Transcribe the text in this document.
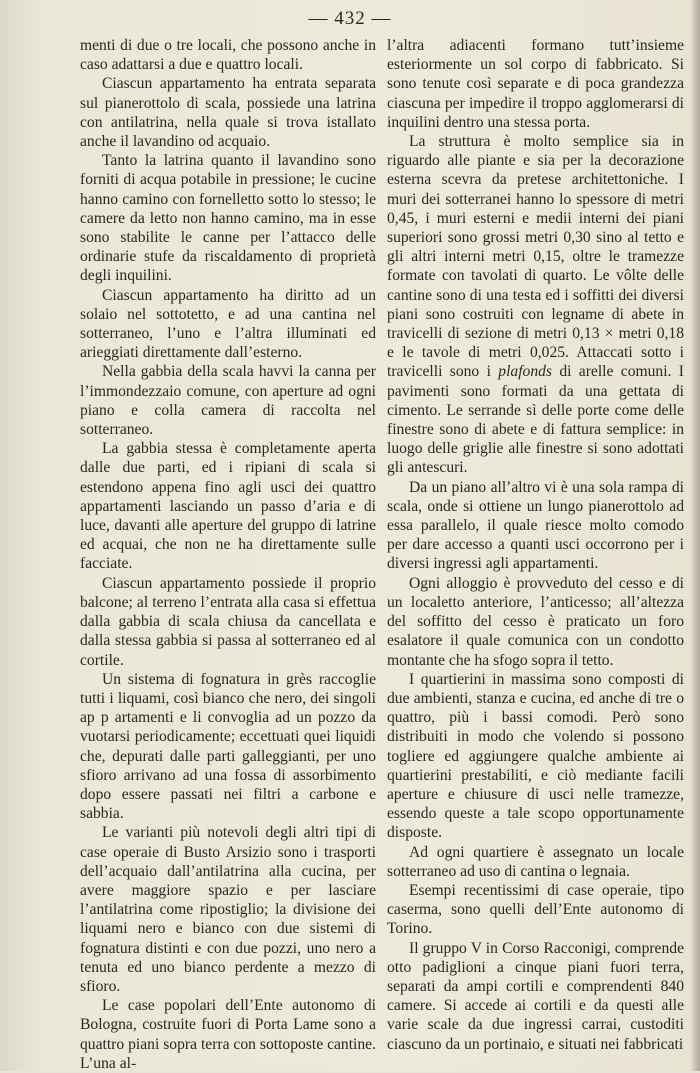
— 432 —

menti di due o tre locali, che possono anche in caso adattarsi a due e quattro locali.

Ciascun appartamento ha entrata separata sul pianerottolo di scala, possiede una latrina con antilatrina, nella quale si trova istallato anche il lavandino od acquaio.

Tanto la latrina quanto il lavandino sono forniti di acqua potabile in pressione; le cucine hanno camino con fornelletto sotto lo stesso; le camere da letto non hanno camino, ma in esse sono stabilite le canne per l’attacco delle ordinarie stufe da riscaldamento di proprietà degli inquilini.

Ciascun appartamento ha diritto ad un solaio nel sottotetto, e ad una cantina nel sotterraneo, l’uno e l’altra illuminati ed arieggiati direttamente dall’esterno.

Nella gabbia della scala havvi la canna per l’immondezzaio comune, con aperture ad ogni piano e colla camera di raccolta nel sotterraneo.

La gabbia stessa è completamente aperta dalle due parti, ed i ripiani di scala si estendono appena fino agli usci dei quattro appartamenti lasciando un passo d’aria e di luce, davanti alle aperture del gruppo di latrine ed acquai, che non ne ha direttamente sulle facciate.

Ciascun appartamento possiede il proprio balcone; al terreno l’entrata alla casa si effettua dalla gabbia di scala chiusa da cancellata e dalla stessa gabbia si passa al sotterraneo ed al cortile.

Un sistema di fognatura in grès raccoglie tutti i liquami, così bianco che nero, dei singoli ap p artamenti e li convoglia ad un pozzo da vuotarsi periodicamente; eccettuati quei liquidi che, depurati dalle parti galleggianti, per uno sfioro arrivano ad una fossa di assorbimento dopo essere passati nei filtri a carbone e sabbia.

Le varianti più notevoli degli altri tipi di case operaie di Busto Arsizio sono i trasporti dell’acquaio dall’antilatrina alla cucina, per avere maggiore spazio e per lasciare l’antilatrina come ripostiglio; la divisione dei liquami nero e bianco con due sistemi di fognatura distinti e con due pozzi, uno nero a tenuta ed uno bianco perdente a mezzo di sfioro.

Le case popolari dell’Ente autonomo di Bologna, costruite fuori di Porta Lame sono a quattro piani sopra terra con sottoposte cantine. L’una al-

l’altra adiacenti formano tutt’insieme esteriormente un sol corpo di fabbricato. Si sono tenute così separate e di poca grandezza ciascuna per impedire il troppo agglomerarsi di inquilini dentro una stessa porta.

La struttura è molto semplice sia in riguardo alle piante e sia per la decorazione esterna scevra da pretese architettoniche. I muri dei sotterranei hanno lo spessore di metri 0,45, i muri esterni e medii interni dei piani superiori sono grossi metri 0,30 sino al tetto e gli altri interni metri 0,15, oltre le tramezze formate con tavolati di quarto. Le vôlte delle cantine sono di una testa ed i soffitti dei diversi piani sono costruiti con legname di abete in travicelli di sezione di metri 0,13 × metri 0,18 e le tavole di metri 0,025. Attaccati sotto i travicelli sono i plafonds di arelle comuni. I pavimenti sono formati da una gettata di cimento. Le serrande sì delle porte come delle finestre sono di abete e di fattura semplice: in luogo delle griglie alle finestre si sono adottati gli antescuri.

Da un piano all’altro vi è una sola rampa di scala, onde si ottiene un lungo pianerottolo ad essa parallelo, il quale riesce molto comodo per dare accesso a quanti usci occorrono per i diversi ingressi agli appartamenti.

Ogni alloggio è provveduto del cesso e di un localetto anteriore, l’anticesso; all’altezza del soffitto del cesso è praticato un foro esalatore il quale comunica con un condotto montante che ha sfogo sopra il tetto.

I quartierini in massima sono composti di due ambienti, stanza e cucina, ed anche di tre o quattro, più i bassi comodi. Però sono distribuiti in modo che volendo si possono togliere ed aggiungere qualche ambiente ai quartierini prestabiliti, e ciò mediante facili aperture e chiusure di usci nelle tramezze, essendo queste a tale scopo opportunamente disposte.

Ad ogni quartiere è assegnato un locale sotterraneo ad uso di cantina o legnaia.

Esempi recentissimi di case operaie, tipo caserma, sono quelli dell’Ente autonomo di Torino.

Il gruppo V in Corso Racconigi, comprende otto padiglioni a cinque piani fuori terra, separati da ampi cortili e comprendenti 840 camere. Si accede ai cortili e da questi alle varie scale da due ingressi carrai, custoditi ciascuno da un portinaio, e situati nei fabbricati
